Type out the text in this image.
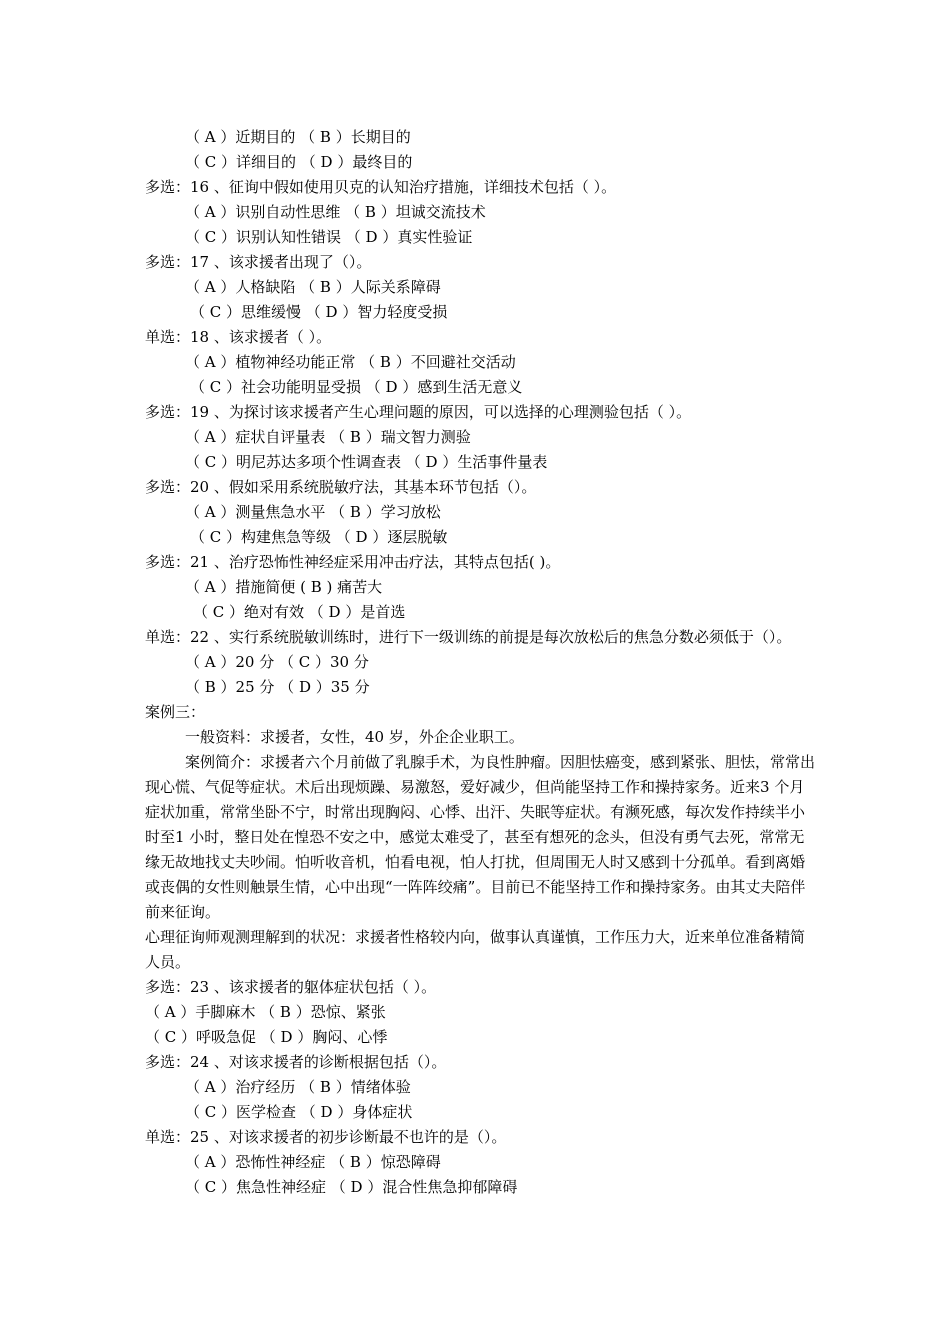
（ A ）近期目的 （ B ）长期目的
（ C ）详细目的 （ D ）最终目的
多选：16 、征询中假如使用贝克的认知治疗措施，详细技术包括（ ）。
（ A ）识别自动性思维 （ B ）坦诚交流技术
（ C ）识别认知性错误 （ D ）真实性验证
多选：17 、该求援者出现了（）。
（ A ）人格缺陷 （ B ）人际关系障碍
（ C ）思维缓慢 （ D ）智力轻度受损
单选：18 、该求援者（ ）。
（ A ）植物神经功能正常 （ B ）不回避社交活动
（ C ）社会功能明显受损 （ D ）感到生活无意义
多选：19 、为探讨该求援者产生心理问题的原因，可以选择的心理测验包括（ ）。
（ A ）症状自评量表 （ B ）瑞文智力测验
（ C ）明尼苏达多项个性调查表 （ D ）生活事件量表
多选：20 、假如采用系统脱敏疗法，其基本环节包括（）。
（ A ）测量焦急水平 （ B ）学习放松
（ C ）构建焦急等级 （ D ）逐层脱敏
多选：21 、治疗恐怖性神经症采用冲击疗法，其特点包括( )。
（ A ）措施简便 ( B ) 痛苦大
（ C ）绝对有效 （ D ）是首选
单选：22 、实行系统脱敏训练时，进行下一级训练的前提是每次放松后的焦急分数必须低于（）。
（ A ）20 分 （ C ）30 分
（ B ）25 分 （ D ）35 分
案例三：
一般资料：求援者，女性，40 岁，外企企业职工。
案例简介：求援者六个月前做了乳腺手术，为良性肿瘤。因胆怯癌变，感到紧张、胆怯，常常出现心慌、气促等症状。术后出现烦躁、易激怒，爱好减少，但尚能坚持工作和操持家务。近来3 个月症状加重，常常坐卧不宁，时常出现胸闷、心悸、出汗、失眠等症状。有濒死感，每次发作持续半小时至1 小时，整日处在惶恐不安之中，感觉太难受了，甚至有想死的念头，但没有勇气去死，常常无缘无故地找丈夫吵闹。怕听收音机，怕看电视，怕人打扰，但周围无人时又感到十分孤单。看到离婚或丧偶的女性则触景生情，心中出现“一阵阵绞痛”。目前已不能坚持工作和操持家务。由其丈夫陪伴前来征询。
心理征询师观测理解到的状况：求援者性格较内向，做事认真谨慎，工作压力大，近来单位准备精简人员。
多选：23 、该求援者的躯体症状包括（ ）。
（ A ）手脚麻木 （ B ）恐惊、紧张
（ C ）呼吸急促 （ D ）胸闷、心悸
多选：24 、对该求援者的诊断根据包括（）。
（ A ）治疗经历 （ B ）情绪体验
（ C ）医学检查 （ D ）身体症状
单选：25 、对该求援者的初步诊断最不也许的是（）。
（ A ）恐怖性神经症 （ B ）惊恐障碍
（ C ）焦急性神经症 （ D ）混合性焦急抑郁障碍
